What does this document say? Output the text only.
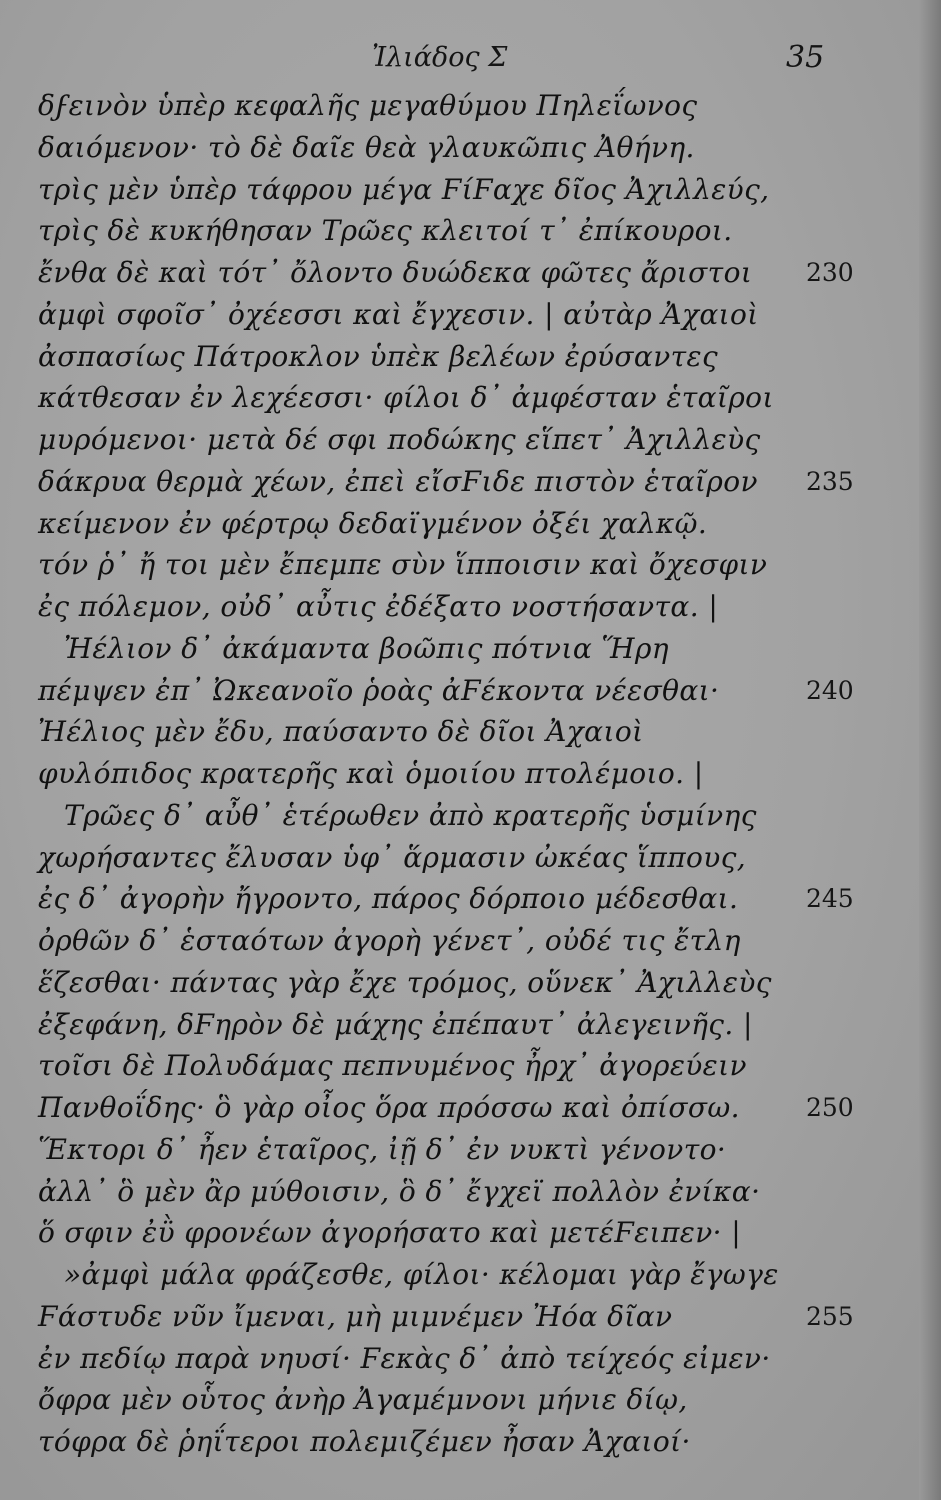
Ἰλιάδος Σ	35
δϝεινὸν ὑπὲρ κεφαλῆς μεγαθύμου Πηλεΐωνος
δαιόμενον· τὸ δὲ δαῖε θεὰ γλαυκῶπις Ἀθήνη.
τρὶς μὲν ὑπὲρ τάφρου μέγα ϜίϜαχε δῖος Ἀχιλλεύς,
τρὶς δὲ κυκήθησαν Τρῶες κλειτοί τ᾽ ἐπίκουροι.
ἔνθα δὲ καὶ τότ᾽ ὄλοντο δυώδεκα φῶτες ἄριστοι 230
ἀμφὶ σφοῖσ᾽ ὀχέεσσι καὶ ἔγχεσιν. | αὐτὰρ Ἀχαιοὶ
ἀσπασίως Πάτροκλον ὑπὲκ βελέων ἐρύσαντες
κάτθεσαν ἐν λεχέεσσι· φίλοι δ᾽ ἀμφέσταν ἑταῖροι
μυρόμενοι· μετὰ δέ σφι ποδώκης εἵπετ᾽ Ἀχιλλεὺς
δάκρυα θερμὰ χέων, ἐπεὶ εἴσϜιδε πιστὸν ἑταῖρον 235
κείμενον ἐν φέρτρῳ δεδαϊγμένον ὀξέι χαλκῷ.
τόν ῥ᾽ ἤ τοι μὲν ἔπεμπε σὺν ἵπποισιν καὶ ὄχεσφιν
ἐς πόλεμον, οὐδ᾽ αὖτις ἐδέξατο νοστήσαντα. |
Ἠέλιον δ᾽ ἀκάμαντα βοῶπις πότνια Ἥρη
πέμψεν ἐπ᾽ Ὠκεανοῖο ῥοὰς ἀϜέκοντα νέεσθαι·	240
Ἠέλιος μὲν ἔδυ, παύσαντο δὲ δῖοι Ἀχαιοὶ
φυλόπιδος κρατερῆς καὶ ὁμοιίου πτολέμοιο. |
Τρῶες δ᾽ αὖθ᾽ ἑτέρωθεν ἀπὸ κρατερῆς ὑσμίνης
χωρήσαντες ἔλυσαν ὑφ᾽ ἅρμασιν ὠκέας ἵππους,
ἐς δ᾽ ἀγορὴν ἤγροντο, πάρος δόρποιο μέδεσθαι.	245
ὀρθῶν δ᾽ ἑσταότων ἀγορὴ γένετ᾽, οὐδέ τις ἔτλη
ἕζεσθαι· πάντας γὰρ ἔχε τρόμος, οὕνεκ᾽ Ἀχιλλεὺς
ἐξεφάνη, δϜηρὸν δὲ μάχης ἐπέπαυτ᾽ ἀλεγεινῆς. |
τοῖσι δὲ Πολυδάμας πεπνυμένος ἦρχ᾽ ἀγορεύειν
Πανθοΐδης· ὃ γὰρ οἶος ὅρα πρόσσω καὶ ὀπίσσω.	250
Ἕκτορι δ᾽ ἦεν ἑταῖρος, ἰῇ δ᾽ ἐν νυκτὶ γένοντο·
ἀλλ᾽ ὃ μὲν ἂρ μύθοισιν, ὃ δ᾽ ἔγχεϊ πολλὸν ἐνίκα·
ὅ σφιν ἐῢ φρονέων ἀγορήσατο καὶ μετέϜειπεν· |
»ἀμφὶ μάλα φράζεσθε, φίλοι· κέλομαι γὰρ ἔγωγε
Ϝάστυδε νῦν ἴμεναι, μὴ μιμνέμεν Ἠόα δῖαν	255
ἐν πεδίῳ παρὰ νηυσί· Ϝεκὰς δ᾽ ἀπὸ τείχεός εἰμεν·
ὄφρα μὲν οὗτος ἀνὴρ Ἀγαμέμνονι μήνιε δίῳ,
τόφρα δὲ ῥηΐτεροι πολεμιζέμεν ἦσαν Ἀχαιοί·
